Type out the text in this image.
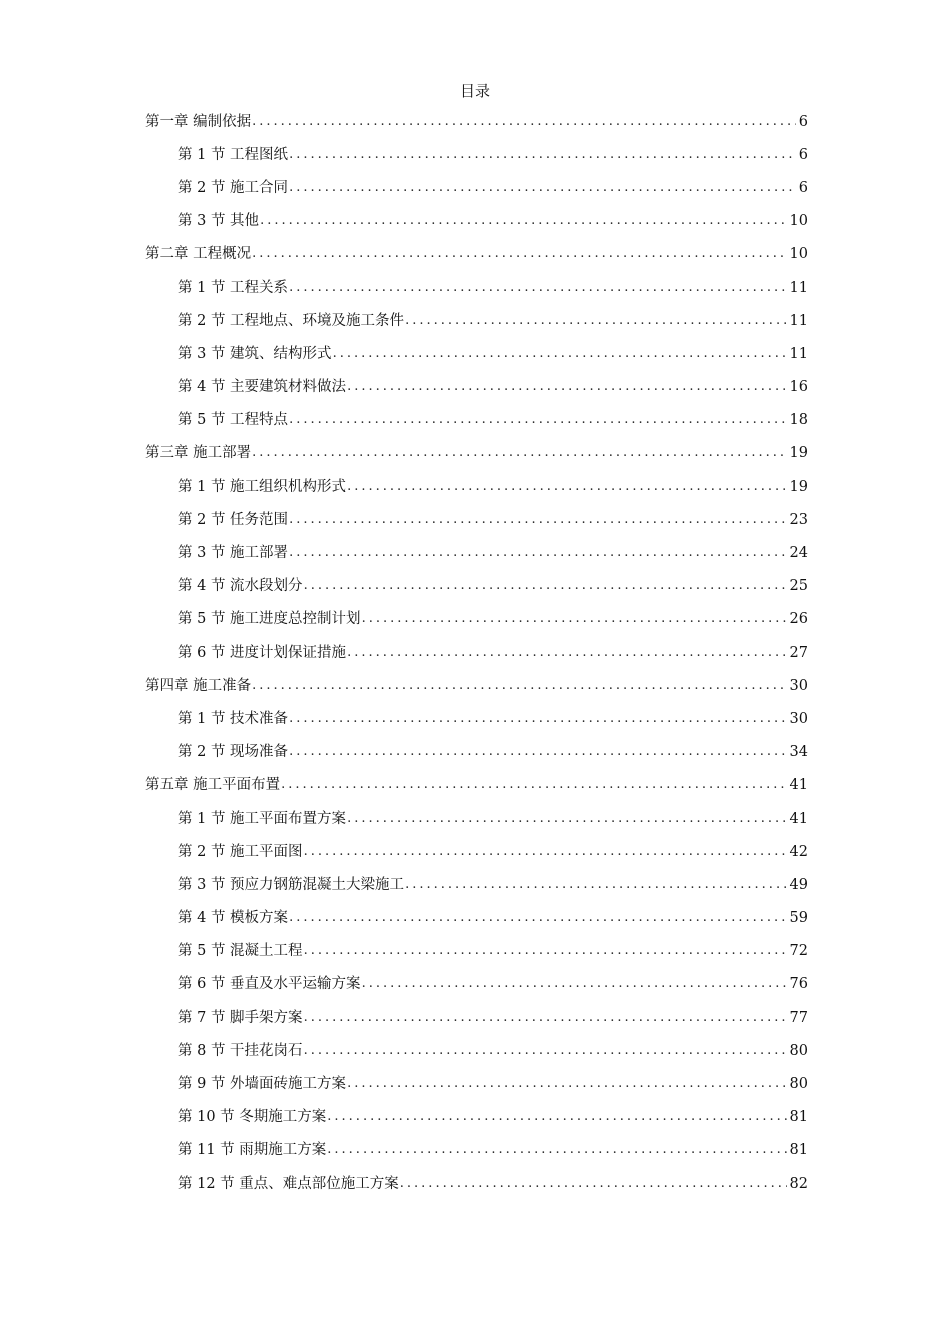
目录
第一章 编制依据 .....	6
第 1 节 工程图纸 .....	6
第 2 节 施工合同 .....	6
第 3 节 其他 .....	10
第二章 工程概况 .....	10
第 1 节 工程关系 .....	11
第 2 节 工程地点、环境及施工条件 .....	11
第 3 节 建筑、结构形式 .....	11
第 4 节 主要建筑材料做法 .....	16
第 5 节 工程特点 .....	18
第三章 施工部署 .....	19
第 1 节 施工组织机构形式 .....	19
第 2 节 任务范围 .....	23
第 3 节 施工部署 .....	24
第 4 节 流水段划分 .....	25
第 5 节 施工进度总控制计划 .....	26
第 6 节 进度计划保证措施 .....	27
第四章 施工准备 .....	30
第 1 节 技术准备 .....	30
第 2 节 现场准备 .....	34
第五章 施工平面布置 .....	41
第 1 节 施工平面布置方案 .....	41
第 2 节 施工平面图 .....	42
第 3 节 预应力钢筋混凝土大梁施工 .....	49
第 4 节 模板方案 .....	59
第 5 节 混凝土工程 .....	72
第 6 节 垂直及水平运输方案 .....	76
第 7 节 脚手架方案 .....	77
第 8 节 干挂花岗石 .....	80
第 9 节 外墙面砖施工方案 .....	80
第 10 节 冬期施工方案 .....	81
第 11 节 雨期施工方案 .....	81
第 12 节 重点、难点部位施工方案 .....	82
